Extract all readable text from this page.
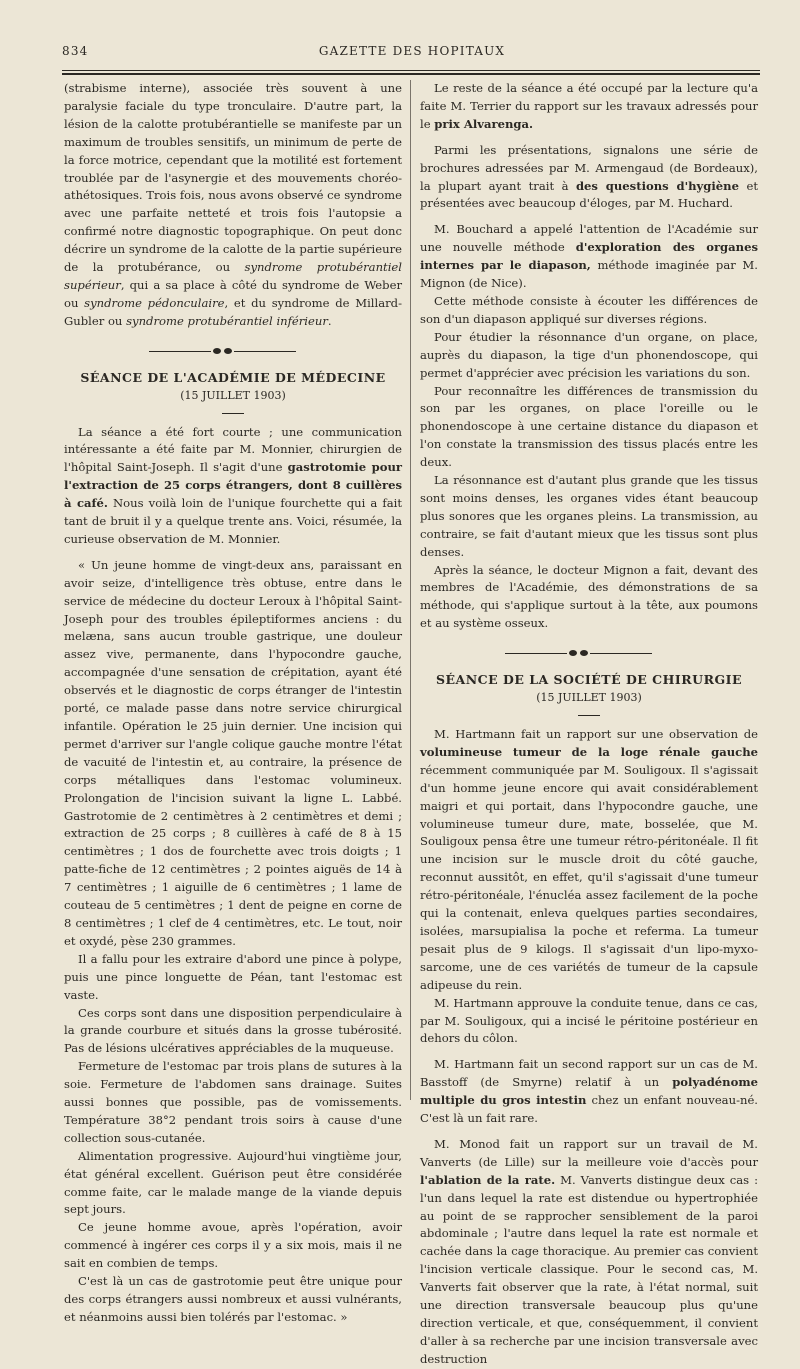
834	GAZETTE DES HOPITAUX

(strabisme interne), associée très souvent à une paralysie faciale du type tronculaire. D'autre part, la lésion de la calotte protubérantielle se manifeste par un maximum de troubles sensitifs, un minimum de perte de la force motrice, cependant que la motilité est fortement troublée par de l'asynergie et des mouvements choréo-athétosiques. Trois fois, nous avons observé ce syndrome avec une parfaite netteté et trois fois l'autopsie a confirmé notre diagnostic topographique. On peut donc décrire un syndrome de la calotte de la partie supérieure de la protubérance, ou syndrome protubérantiel supérieur, qui a sa place à côté du syndrome de Weber ou syndrome pédonculaire, et du syndrome de Millard-Gubler ou syndrome protubérantiel inférieur.

SÉANCE DE L'ACADÉMIE DE MÉDECINE

(15 JUILLET 1903)

La séance a été fort courte ; une communication intéressante a été faite par M. Monnier, chirurgien de l'hôpital Saint-Joseph. Il s'agit d'une gastrotomie pour l'extraction de 25 corps étrangers, dont 8 cuillères à café. Nous voilà loin de l'unique fourchette qui a fait tant de bruit il y a quelque trente ans. Voici, résumée, la curieuse observation de M. Monnier.

« Un jeune homme de vingt-deux ans, paraissant en avoir seize, d'intelligence très obtuse, entre dans le service de médecine du docteur Leroux à l'hôpital Saint-Joseph pour des troubles épileptiformes anciens : du melæna, sans aucun trouble gastrique, une douleur assez vive, permanente, dans l'hypocondre gauche, accompagnée d'une sensation de crépitation, ayant été observés et le diagnostic de corps étranger de l'intestin porté, ce malade passe dans notre service chirurgical infantile. Opération le 25 juin dernier. Une incision qui permet d'arriver sur l'angle colique gauche montre l'état de vacuité de l'intestin et, au contraire, la présence de corps métalliques dans l'estomac volumineux. Prolongation de l'incision suivant la ligne L. Labbé. Gastrotomie de 2 centimètres à 2 centimètres et demi ; extraction de 25 corps ; 8 cuillères à café de 8 à 15 centimètres ; 1 dos de fourchette avec trois doigts ; 1 patte-fiche de 12 centimètres ; 2 pointes aiguës de 14 à 7 centimètres ; 1 aiguille de 6 centimètres ; 1 lame de couteau de 5 centimètres ; 1 dent de peigne en corne de 8 centimètres ; 1 clef de 4 centimètres, etc. Le tout, noir et oxydé, pèse 230 grammes.

Il a fallu pour les extraire d'abord une pince à polype, puis une pince longuette de Péan, tant l'estomac est vaste.

Ces corps sont dans une disposition perpendiculaire à la grande courbure et situés dans la grosse tubérosité. Pas de lésions ulcératives appréciables de la muqueuse.

Fermeture de l'estomac par trois plans de sutures à la soie. Fermeture de l'abdomen sans drainage. Suites aussi bonnes que possible, pas de vomissements. Température 38°2 pendant trois soirs à cause d'une collection sous-cutanée.

Alimentation progressive. Aujourd'hui vingtième jour, état général excellent. Guérison peut être considérée comme faite, car le malade mange de la viande depuis sept jours.

Ce jeune homme avoue, après l'opération, avoir commencé à ingérer ces corps il y a six mois, mais il ne sait en combien de temps.

C'est là un cas de gastrotomie peut être unique pour des corps étrangers aussi nombreux et aussi vulnérants, et néanmoins aussi bien tolérés par l'estomac. »

Le reste de la séance a été occupé par la lecture qu'a faite M. Terrier du rapport sur les travaux adressés pour le prix Alvarenga.

Parmi les présentations, signalons une série de brochures adressées par M. Armengaud (de Bordeaux), la plupart ayant trait à des questions d'hygiène et présentées avec beaucoup d'éloges, par M. Huchard.

M. Bouchard a appelé l'attention de l'Académie sur une nouvelle méthode d'exploration des organes internes par le diapason, méthode imaginée par M. Mignon (de Nice).

Cette méthode consiste à écouter les différences de son d'un diapason appliqué sur diverses régions.

Pour étudier la résonnance d'un organe, on place, auprès du diapason, la tige d'un phonendoscope, qui permet d'apprécier avec précision les variations du son.

Pour reconnaître les différences de transmission du son par les organes, on place l'oreille ou le phonendoscope à une certaine distance du diapason et l'on constate la transmission des tissus placés entre les deux.

La résonnance est d'autant plus grande que les tissus sont moins denses, les organes vides étant beaucoup plus sonores que les organes pleins. La transmission, au contraire, se fait d'autant mieux que les tissus sont plus denses.

Après la séance, le docteur Mignon a fait, devant des membres de l'Académie, des démonstrations de sa méthode, qui s'applique surtout à la tête, aux poumons et au système osseux.

SÉANCE DE LA SOCIÉTÉ DE CHIRURGIE

(15 JUILLET 1903)

M. Hartmann fait un rapport sur une observation de volumineuse tumeur de la loge rénale gauche récemment communiquée par M. Souligoux. Il s'agissait d'un homme jeune encore qui avait considérablement maigri et qui portait, dans l'hypocondre gauche, une volumineuse tumeur dure, mate, bosselée, que M. Souligoux pensa être une tumeur rétro-péritonéale. Il fit une incision sur le muscle droit du côté gauche, reconnut aussitôt, en effet, qu'il s'agissait d'une tumeur rétro-péritonéale, l'énucléa assez facilement de la poche qui la contenait, enleva quelques parties secondaires, isolées, marsupialisa la poche et referma. La tumeur pesait plus de 9 kilogs. Il s'agissait d'un lipo-myxo-sarcome, une de ces variétés de tumeur de la capsule adipeuse du rein.

M. Hartmann approuve la conduite tenue, dans ce cas, par M. Souligoux, qui a incisé le péritoine postérieur en dehors du côlon.

M. Hartmann fait un second rapport sur un cas de M. Basstoff (de Smyrne) relatif à un polyadénome multiple du gros intestin chez un enfant nouveau-né. C'est là un fait rare.

M. Monod fait un rapport sur un travail de M. Vanverts (de Lille) sur la meilleure voie d'accès pour l'ablation de la rate. M. Vanverts distingue deux cas : l'un dans lequel la rate est distendue ou hypertrophiée au point de se rapprocher sensiblement de la paroi abdominale ; l'autre dans lequel la rate est normale et cachée dans la cage thoracique. Au premier cas convient l'incision verticale classique. Pour le second cas, M. Vanverts fait observer que la rate, à l'état normal, suit une direction transversale beaucoup plus qu'une direction verticale, et que, conséquemment, il convient d'aller à sa recherche par une incision transversale avec destruction
